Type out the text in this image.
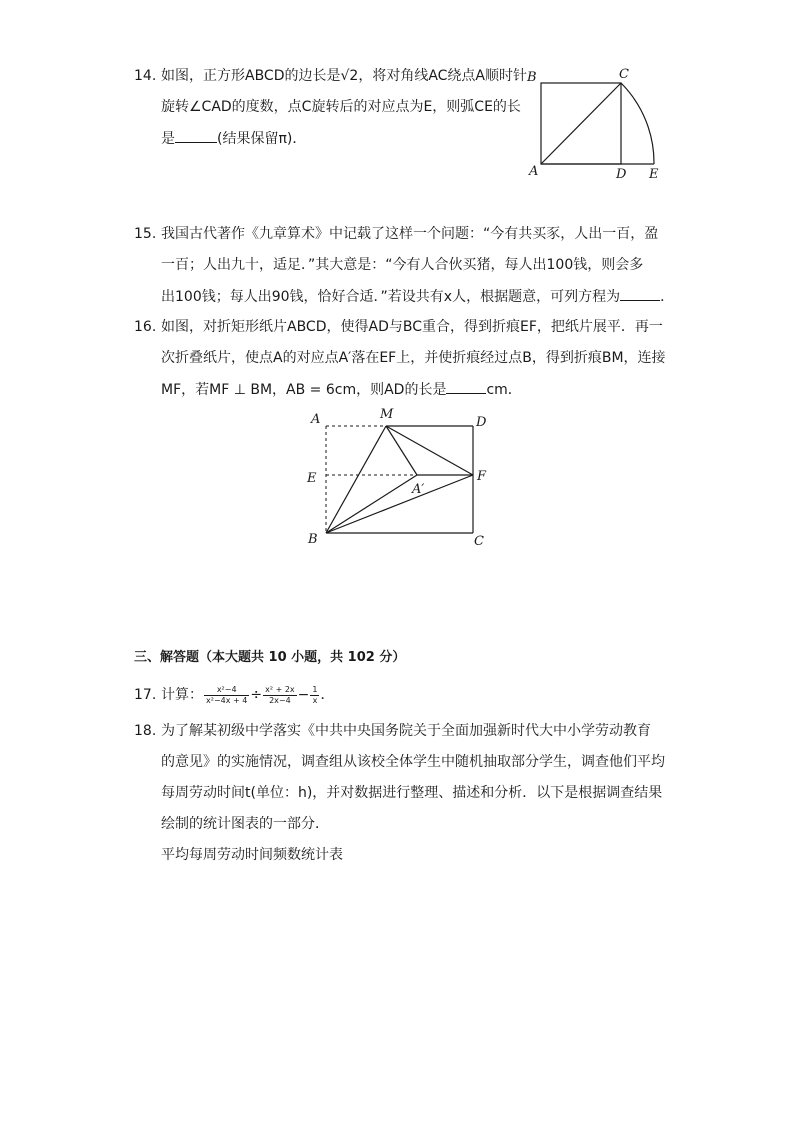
14. 如图，正方形ABCD的边长是√2，将对角线AC绕点A顺时针
旋转∠CAD的度数，点C旋转后的对应点为E，则弧CE的长
是	(结果保留π)．
B	C
A	D E
15. 我国古代著作《九章算术》中记载了这样一个问题：“今有共买豕，人出一百，盈
一百；人出九十，适足．”其大意是：“今有人合伙买猪，每人出100钱，则会多
出100钱；每人出90钱，恰好合适．”若设共有x人，根据题意，可列方程为	．
16. 如图，对折矩形纸片ABCD，使得AD与BC重合，得到折痕EF，把纸片展平．再一
次折叠纸片，使点A的对应点A′落在EF上，并使折痕经过点B，得到折痕BM，连接
MF，若MF ⊥ BM，AB = 6cm，则AD的长是	cm．
A	M
D
E	F
A′
B	C
三、解答题（本大题共 10 小题，共 102 分）
17. 计算： $\frac{\text{x²−4}}{\text{x²−4x + 4}} \div \frac{\text{x² + 2x}}{2x-4} - \frac{1}{x}$ ．
18. 为了解某初级中学落实《中共中央国务院关于全面加强新时代大中小学劳动教育
的意见》的实施情况，调查组从该校全体学生中随机抽取部分学生，调查他们平均
每周劳动时间t(单位：h)，并对数据进行整理、描述和分析．以下是根据调查结果
绘制的统计图表的一部分．
平均每周劳动时间频数统计表
